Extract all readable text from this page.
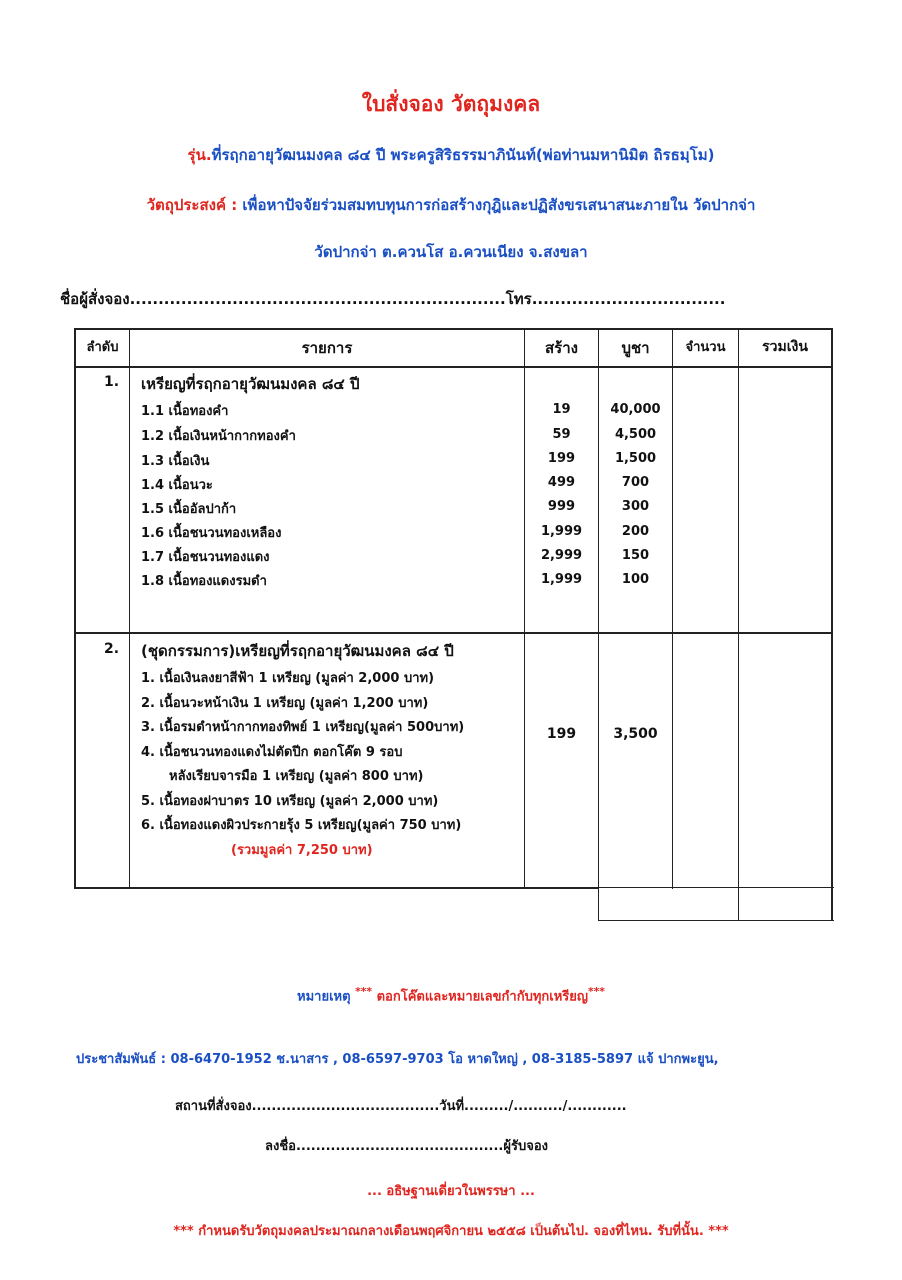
ใบสั่งจอง วัตถุมงคล
รุ่น.ที่รฤกอายุวัฒนมงคล ๘๔ ปี พระครูสิริธรรมาภินันท์(พ่อท่านมหานิมิต ถิรธมฺโม)
วัตถุประสงค์ : เพื่อหาปัจจัยร่วมสมทบทุนการก่อสร้างกุฎิและปฏิสังขรเสนาสนะภายใน วัดปากจ่า
วัดปากจ่า ต.ควนโส อ.ควนเนียง จ.สงขลา
ชื่อผู้สั่งจอง..................................................................โทร..................................
ลำดับ	รายการ	สร้าง	บูชา	จำนวน	รวมเงิน
1. เหรียญที่รฤกอายุวัฒนมงคล ๘๔ ปี
1.1 เนื้อทองคำ	19	40,000
1.2 เนื้อเงินหน้ากากทองคำ	59	4,500
1.3 เนื้อเงิน	199	1,500
1.4 เนื้อนวะ	499	700
1.5 เนื้ออัลปาก้า	999	300
1.6 เนื้อชนวนทองเหลือง	1,999	200
1.7 เนื้อชนวนทองแดง	2,999	150
1.8 เนื้อทองแดงรมดำ	1,999	100
2. (ชุดกรรมการ)เหรียญที่รฤกอายุวัฒนมงคล ๘๔ ปี
1. เนื้อเงินลงยาสีฟ้า 1 เหรียญ (มูลค่า 2,000 บาท)
2. เนื้อนวะหน้าเงิน 1 เหรียญ (มูลค่า 1,200 บาท)
3. เนื้อรมดำหน้ากากทองทิพย์ 1 เหรียญ(มูลค่า 500บาท)
4. เนื้อชนวนทองแดงไม่ตัดปีก ตอกโค๊ต 9 รอบ
หลังเรียบจารมือ 1 เหรียญ (มูลค่า 800 บาท)
5. เนื้อทองฝาบาตร 10 เหรียญ (มูลค่า 2,000 บาท)
6. เนื้อทองแดงผิวประกายรุ้ง 5 เหรียญ(มูลค่า 750 บาท)
(รวมมูลค่า 7,250 บาท)
199	3,500
หมายเหตุ *** ตอกโค๊ตและหมายเลขกำกับทุกเหรียญ***
ประชาสัมพันธ์ : 08-6470-1952 ช.นาสาร , 08-6597-9703 โอ หาดใหญ่ , 08-3185-5897 แจ้ ปากพะยูน,
สถานที่สั่งจอง......................................วันที่........./........../............
ลงชื่อ..........................................ผู้รับจอง
... อธิษฐานเดี่ยวในพรรษา ...
*** กำหนดรับวัตถุมงคลประมาณกลางเดือนพฤศจิกายน ๒๕๕๘ เป็นต้นไป. จองที่ไหน. รับที่นั้น. ***
